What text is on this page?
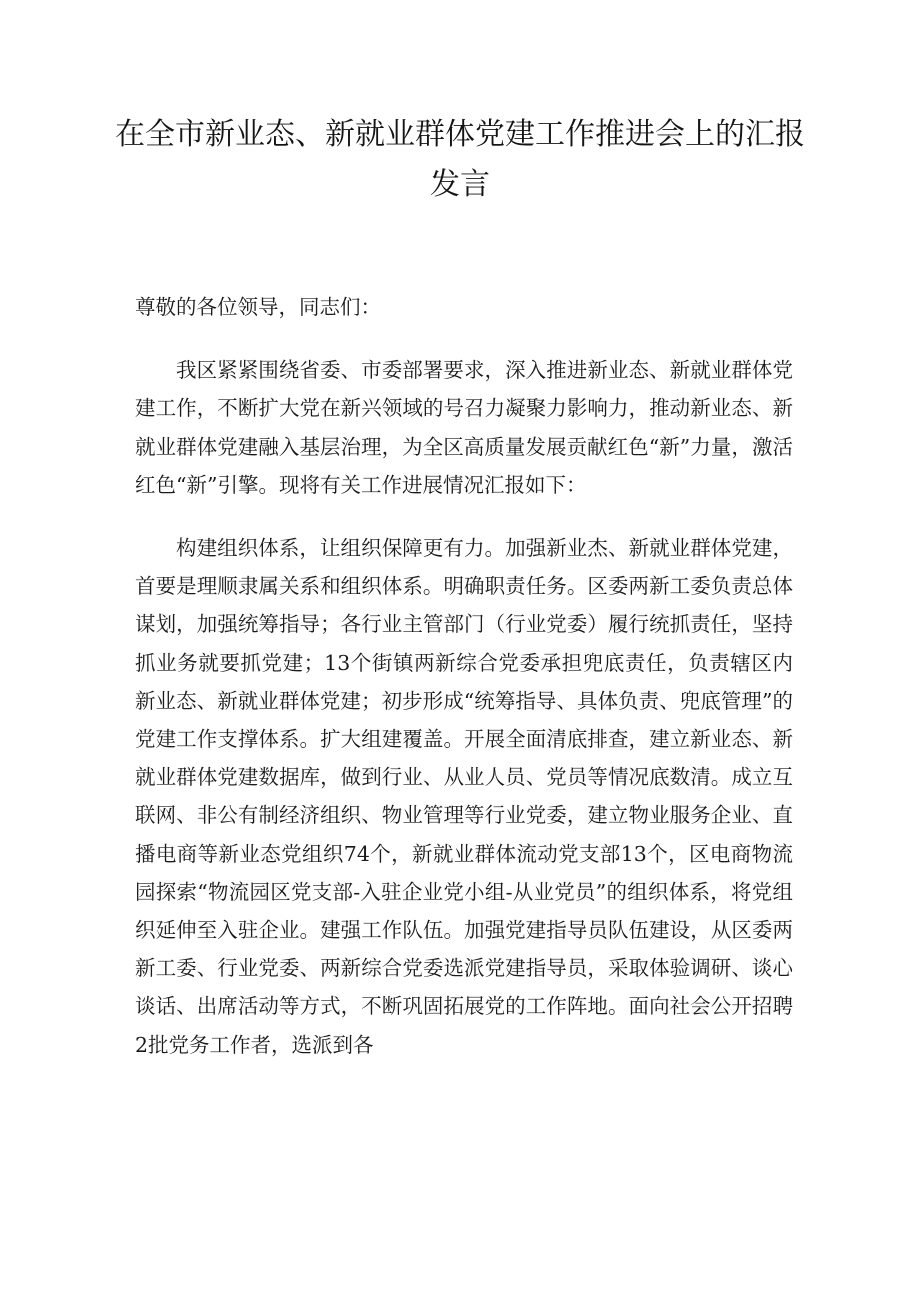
在全市新业态、新就业群体党建工作推进会上的汇报
发言

尊敬的各位领导，同志们：

我区紧紧围绕省委、市委部署要求，深入推进新业态、新就业群体党建工作，不断扩大党在新兴领域的号召力凝聚力影响力，推动新业态、新就业群体党建融入基层治理，为全区高质量发展贡献红色“新”力量，激活红色“新”引擎。现将有关工作进展情况汇报如下：

构建组织体系，让组织保障更有力。加强新业杰、新就业群体党建，首要是理顺隶属关系和组织体系。明确职责任务。区委两新工委负责总体谋划，加强统筹指导；各行业主管部门（行业党委）履行统抓责任，坚持抓业务就要抓党建；13个街镇两新综合党委承担兜底责任，负责辖区内新业态、新就业群体党建；初步形成“统筹指导、具体负责、兜底管理”的党建工作支撑体系。扩大组建覆盖。开展全面清底排查，建立新业态、新就业群体党建数据库，做到行业、从业人员、党员等情况底数清。成立互联网、非公有制经济组织、物业管理等行业党委，建立物业服务企业、直播电商等新业态党组织74个，新就业群体流动党支部13个，区电商物流园探索“物流园区党支部-入驻企业党小组-从业党员”的组织体系，将党组织延伸至入驻企业。建强工作队伍。加强党建指导员队伍建设，从区委两新工委、行业党委、两新综合党委选派党建指导员，采取体验调研、谈心谈话、出席活动等方式，不断巩固拓展党的工作阵地。面向社会公开招聘2批党务工作者，选派到各
